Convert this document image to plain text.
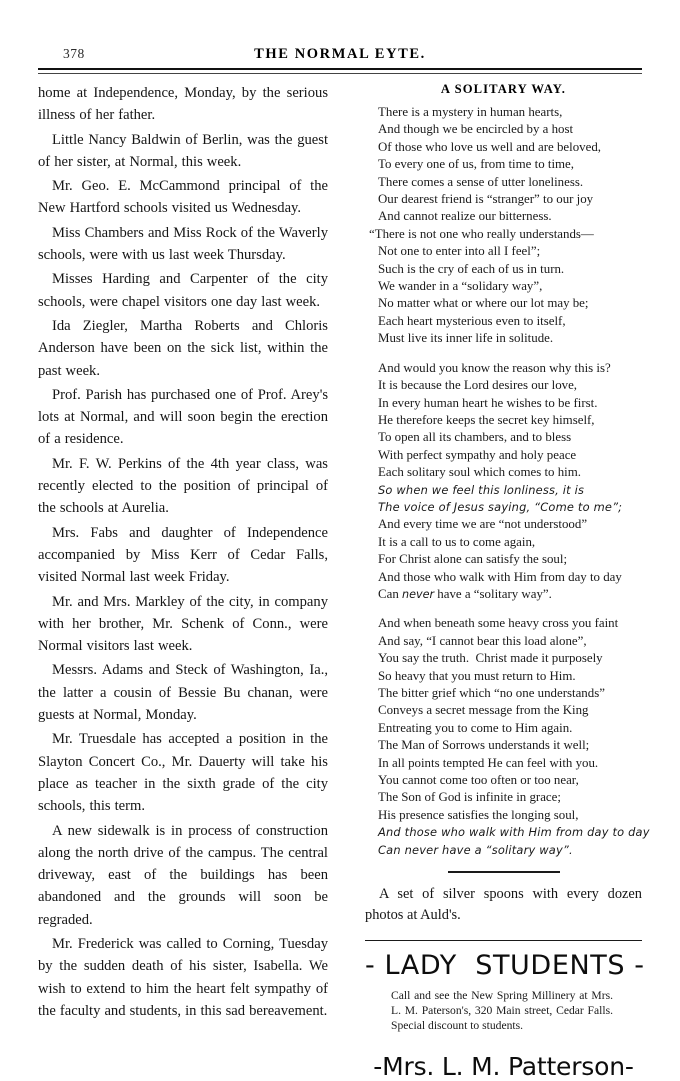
378	THE NORMAL EYTE.

home at Independence, Monday, by the serious illness of her father.

Little Nancy Baldwin of Berlin, was the guest of her sister, at Normal, this week.

Mr. Geo. E. McCammond principal of the New Hartford schools visited us Wednesday.

Miss Chambers and Miss Rock of the Waverly schools, were with us last week Thursday.

Misses Harding and Carpenter of the city schools, were chapel visitors one day last week.

Ida Ziegler, Martha Roberts and Chloris Anderson have been on the sick list, within the past week.

Prof. Parish has purchased one of Prof. Arey's lots at Normal, and will soon begin the erection of a residence.

Mr. F. W. Perkins of the 4th year class, was recently elected to the position of principal of the schools at Aurelia.

Mrs. Fabs and daughter of Independence accompanied by Miss Kerr of Cedar Falls, visited Normal last week Friday.

Mr. and Mrs. Markley of the city, in company with her brother, Mr. Schenk of Conn., were Normal visitors last week.

Messrs. Adams and Steck of Washington, Ia., the latter a cousin of Bessie Bu chanan, were guests at Normal, Monday.

Mr. Truesdale has accepted a position in the Slayton Concert Co., Mr. Dauerty will take his place as teacher in the sixth grade of the city schools, this term.

A new sidewalk is in process of construction along the north drive of the campus. The central driveway, east of the buildings has been abandoned and the grounds will soon be regraded.

Mr. Frederick was called to Corning, Tuesday by the sudden death of his sister, Isabella. We wish to extend to him the heart felt sympathy of the faculty and students, in this sad bereavement.

A SOLITARY WAY.
There is a mystery in human hearts,
And though we be encircled by a host
Of those who love us well and are beloved,
To every one of us, from time to time,
There comes a sense of utter loneliness.
Our dearest friend is “stranger” to our joy
And cannot realize our bitterness.
“There is not one who really understands—
Not one to enter into all I feel”;
Such is the cry of each of us in turn.
We wander in a “solidary way”,
No matter what or where our lot may be;
Each heart mysterious even to itself,
Must live its inner life in solitude.
And would you know the reason why this is?
It is because the Lord desires our love,
In every human heart he wishes to be first.
He therefore keeps the secret key himself,
To open all its chambers, and to bless
With perfect sympathy and holy peace
Each solitary soul which comes to him.
So when we feel this lonliness, it is
The voice of Jesus saying, “Come to me”;
And every time we are “not understood”
It is a call to us to come again,
For Christ alone can satisfy the soul;
And those who walk with Him from day to day
Can never have a “solitary way”.
And when beneath some heavy cross you faint
And say, “I cannot bear this load alone”,
You say the truth.  Christ made it purposely
So heavy that you must return to Him.
The bitter grief which “no one understands”
Conveys a secret message from the King
Entreating you to come to Him again.
The Man of Sorrows understands it well;
In all points tempted He can feel with you.
You cannot come too often or too near,
The Son of God is infinite in grace;
His presence satisfies the longing soul,
And those who walk with Him from day to day
Can never have a “solitary way”.

A set of silver spoons with every dozen photos at Auld's.

- LADY  STUDENTS -
Call and see the New Spring Millinery at Mrs. L. M. Paterson's, 320 Main street, Cedar Falls. Special discount to students.
-Mrs. L. M. Patterson-
